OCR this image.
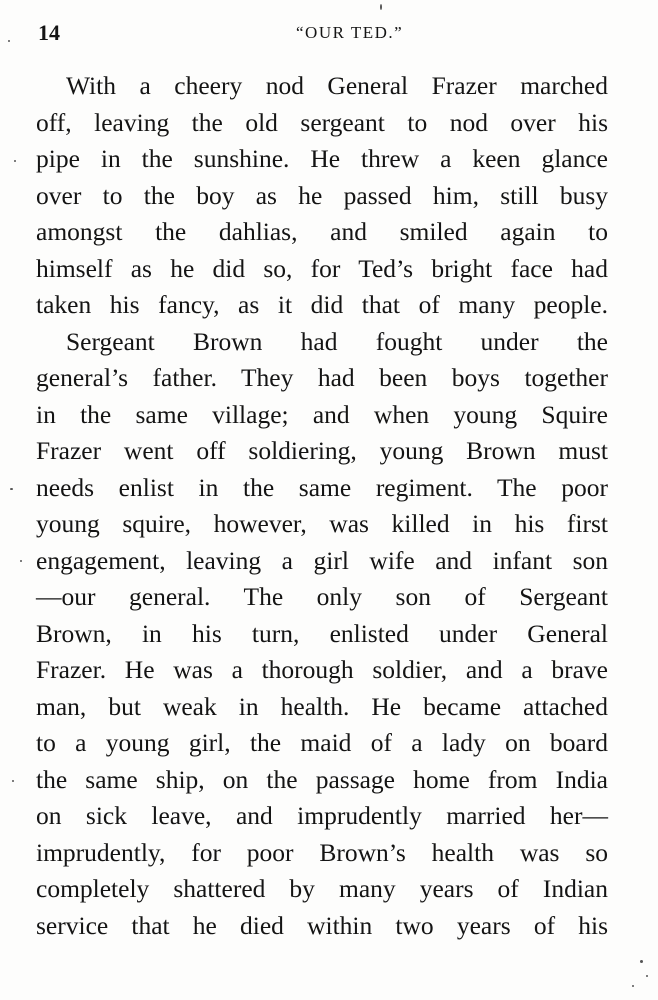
14	“OUR TED.”
With a cheery nod General Frazer marched
off, leaving the old sergeant to nod over his
pipe in the sunshine. He threw a keen glance
over to the boy as he passed him, still busy
amongst the dahlias, and smiled again to
himself as he did so, for Ted’s bright face had
taken his fancy, as it did that of many people.
Sergeant Brown had fought under the
general’s father. They had been boys together
in the same village; and when young Squire
Frazer went off soldiering, young Brown must
needs enlist in the same regiment. The poor
young squire, however, was killed in his first
engagement, leaving a girl wife and infant son
—our general. The only son of Sergeant
Brown, in his turn, enlisted under General
Frazer. He was a thorough soldier, and a brave
man, but weak in health. He became attached
to a young girl, the maid of a lady on board
the same ship, on the passage home from India
on sick leave, and imprudently married her—
imprudently, for poor Brown’s health was so
completely shattered by many years of Indian
service that he died within two years of his
